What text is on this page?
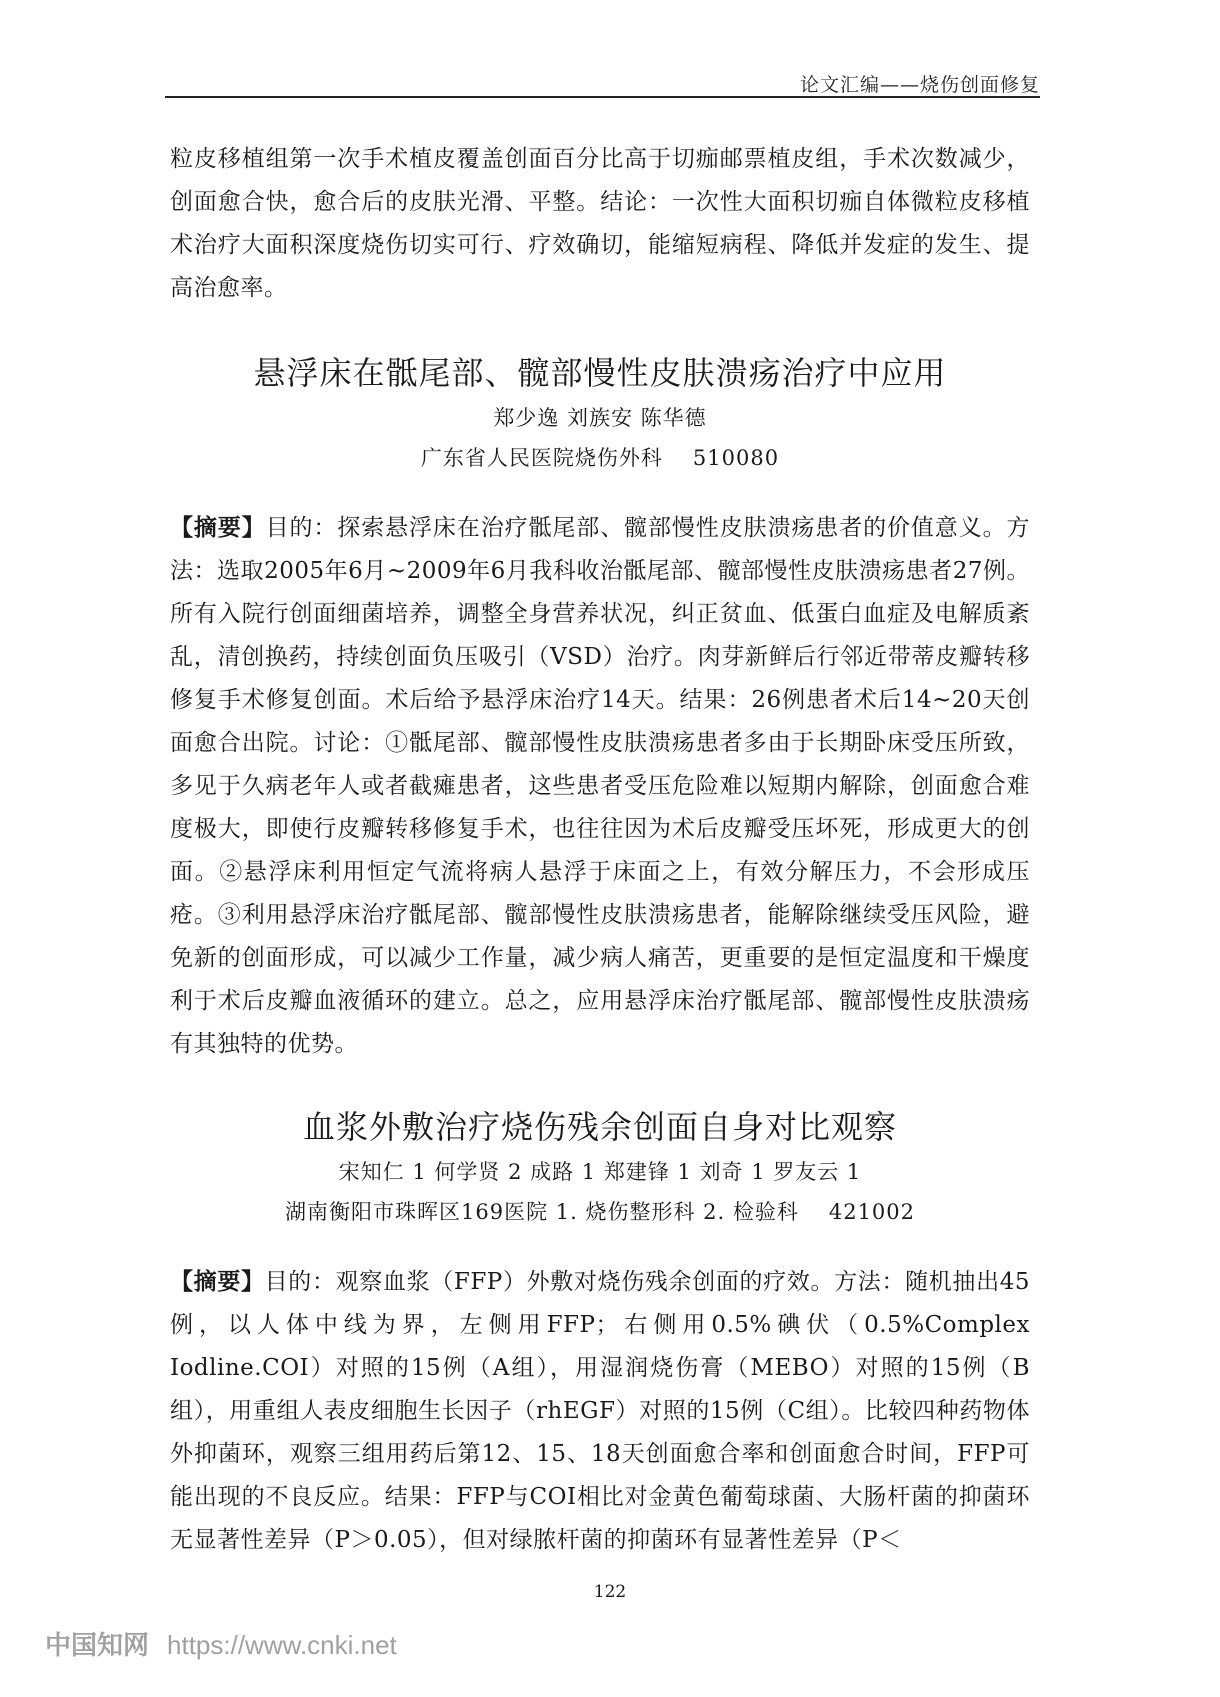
论文汇编——烧伤创面修复

粒皮移植组第一次手术植皮覆盖创面百分比高于切痂邮票植皮组，手术次数减少，创面愈合快，愈合后的皮肤光滑、平整。结论：一次性大面积切痂自体微粒皮移植术治疗大面积深度烧伤切实可行、疗效确切，能缩短病程、降低并发症的发生、提高治愈率。

悬浮床在骶尾部、髋部慢性皮肤溃疡治疗中应用
郑少逸 刘族安 陈华德
广东省人民医院烧伤外科 510080

【摘要】目的：探索悬浮床在治疗骶尾部、髋部慢性皮肤溃疡患者的价值意义。方法：选取2005年6月~2009年6月我科收治骶尾部、髋部慢性皮肤溃疡患者27例。所有入院行创面细菌培养，调整全身营养状况，纠正贫血、低蛋白血症及电解质紊乱，清创换药，持续创面负压吸引（VSD）治疗。肉芽新鲜后行邻近带蒂皮瓣转移修复手术修复创面。术后给予悬浮床治疗14天。结果：26例患者术后14~20天创面愈合出院。讨论：①骶尾部、髋部慢性皮肤溃疡患者多由于长期卧床受压所致，多见于久病老年人或者截瘫患者，这些患者受压危险难以短期内解除，创面愈合难度极大，即使行皮瓣转移修复手术，也往往因为术后皮瓣受压坏死，形成更大的创面。②悬浮床利用恒定气流将病人悬浮于床面之上，有效分解压力，不会形成压疮。③利用悬浮床治疗骶尾部、髋部慢性皮肤溃疡患者，能解除继续受压风险，避免新的创面形成，可以减少工作量，减少病人痛苦，更重要的是恒定温度和干燥度利于术后皮瓣血液循环的建立。总之，应用悬浮床治疗骶尾部、髋部慢性皮肤溃疡有其独特的优势。

血浆外敷治疗烧伤残余创面自身对比观察
宋知仁 1 何学贤 2 成路 1 郑建锋 1 刘奇 1 罗友云 1
湖南衡阳市珠晖区169医院 1. 烧伤整形科 2. 检验科 421002

【摘要】目的：观察血浆（FFP）外敷对烧伤残余创面的疗效。方法：随机抽出45例，以人体中线为界，左侧用FFP；右侧用0.5%碘伏（0.5%Complex Iodline.COI）对照的15例（A组），用湿润烧伤膏（MEBO）对照的15例（B组），用重组人表皮细胞生长因子（rhEGF）对照的15例（C组）。比较四种药物体外抑菌环，观察三组用药后第12、15、18天创面愈合率和创面愈合时间，FFP可能出现的不良反应。结果：FFP与COI相比对金黄色葡萄球菌、大肠杆菌的抑菌环无显著性差异（P＞0.05），但对绿脓杆菌的抑菌环有显著性差异（P＜

122
中国知网 https://www.cnki.net
